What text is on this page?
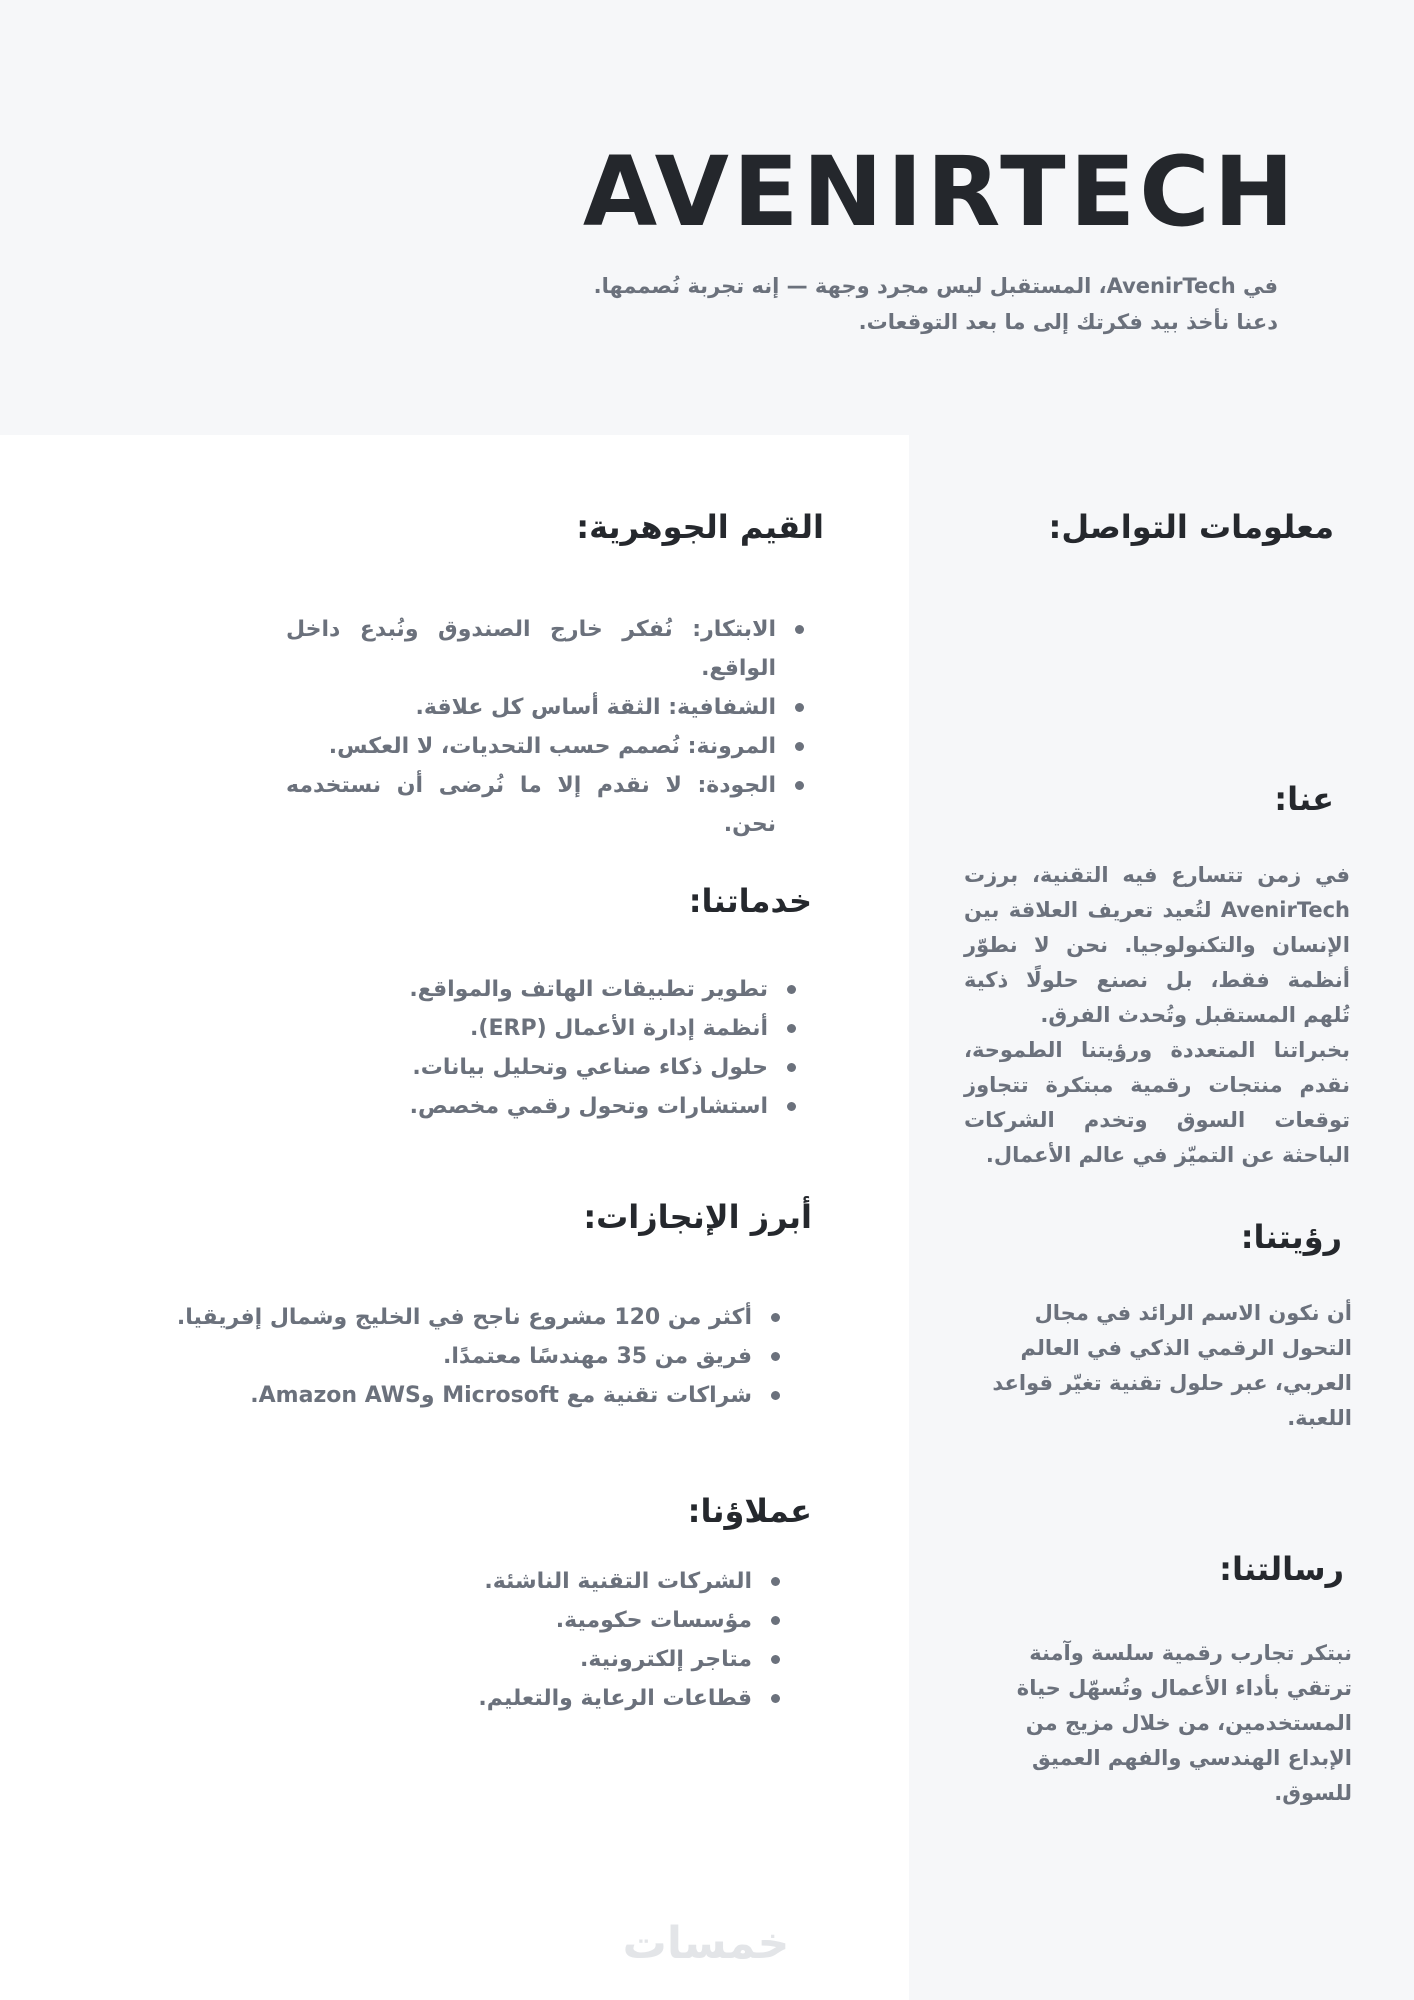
AVENIRTECH
في AvenirTech، المستقبل ليس مجرد وجهة — إنه تجربة نُصممها.
دعنا نأخذ بيد فكرتك إلى ما بعد التوقعات.
معلومات التواصل:
عنا:

في زمن تتسارع فيه التقنية، برزت AvenirTech لتُعيد تعريف العلاقة بين الإنسان والتكنولوجيا. نحن لا نطوّر أنظمة فقط، بل نصنع حلولًا ذكية تُلهم المستقبل وتُحدث الفرق.

بخبراتنا المتعددة ورؤيتنا الطموحة، نقدم منتجات رقمية مبتكرة تتجاوز توقعات السوق وتخدم الشركات الباحثة عن التميّز في عالم الأعمال.

رؤيتنا:
أن نكون الاسم الرائد في مجال التحول الرقمي الذكي في العالم العربي، عبر حلول تقنية تغيّر قواعد اللعبة.
رسالتنا:
نبتكر تجارب رقمية سلسة وآمنة ترتقي بأداء الأعمال وتُسهّل حياة المستخدمين، من خلال مزيج من الإبداع الهندسي والفهم العميق للسوق.
القيم الجوهرية:
الابتكار: نُفكر خارج الصندوق ونُبدع داخل الواقع.
الشفافية: الثقة أساس كل علاقة.
المرونة: نُصمم حسب التحديات، لا العكس.
الجودة: لا نقدم إلا ما نُرضى أن نستخدمه نحن.
خدماتنا:
تطوير تطبيقات الهاتف والمواقع.
أنظمة إدارة الأعمال (ERP).
حلول ذكاء صناعي وتحليل بيانات.
استشارات وتحول رقمي مخصص.
أبرز الإنجازات:
أكثر من 120 مشروع ناجح في الخليج وشمال إفريقيا.
فريق من 35 مهندسًا معتمدًا.
شراكات تقنية مع Microsoft وAmazon AWS.
عملاؤنا:
الشركات التقنية الناشئة.
مؤسسات حكومية.
متاجر إلكترونية.
قطاعات الرعاية والتعليم.
خمسات
